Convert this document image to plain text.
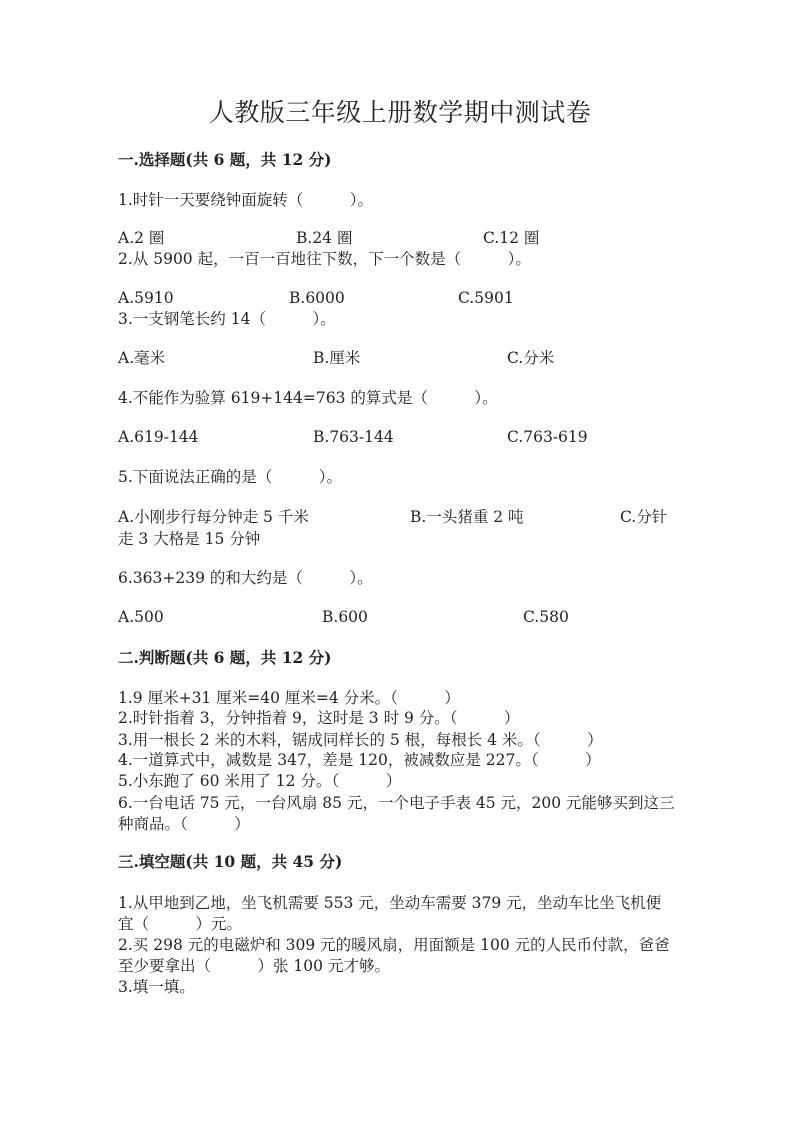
人教版三年级上册数学期中测试卷
一.选择题(共 6 题，共 12 分)
1.时针一天要绕钟面旋转（　　　）。
A.2 圈	B.24 圈	C.12 圈
2.从 5900 起，一百一百地往下数，下一个数是（　　　）。
A.5910	B.6000	C.5901
3.一支钢笔长约 14（　　　）。
A.毫米	B.厘米	C.分米
4.不能作为验算 619+144=763 的算式是（　　　）。
A.619-144	B.763-144	C.763-619
5.下面说法正确的是（　　　）。
A.小刚步行每分钟走 5 千米	B.一头猪重 2 吨	C.分针
走 3 大格是 15 分钟
6.363+239 的和大约是（　　　）。
A.500	B.600	C.580
二.判断题(共 6 题，共 12 分)
1.9 厘米+31 厘米=40 厘米=4 分米。（　　　）
2.时针指着 3，分钟指着 9，这时是 3 时 9 分。（　　　）
3.用一根长 2 米的木料，锯成同样长的 5 根，每根长 4 米。（　　　）
4.一道算式中，减数是 347，差是 120，被减数应是 227。（　　　）
5.小东跑了 60 米用了 12 分。（　　　）
6.一台电话 75 元，一台风扇 85 元，一个电子手表 45 元，200 元能够买到这三
种商品。（　　　）
三.填空题(共 10 题，共 45 分)
1.从甲地到乙地，坐飞机需要 553 元，坐动车需要 379 元，坐动车比坐飞机便
宜（　　　）元。
2.买 298 元的电磁炉和 309 元的暖风扇，用面额是 100 元的人民币付款，爸爸
至少要拿出（　　　）张 100 元才够。
3.填一填。
